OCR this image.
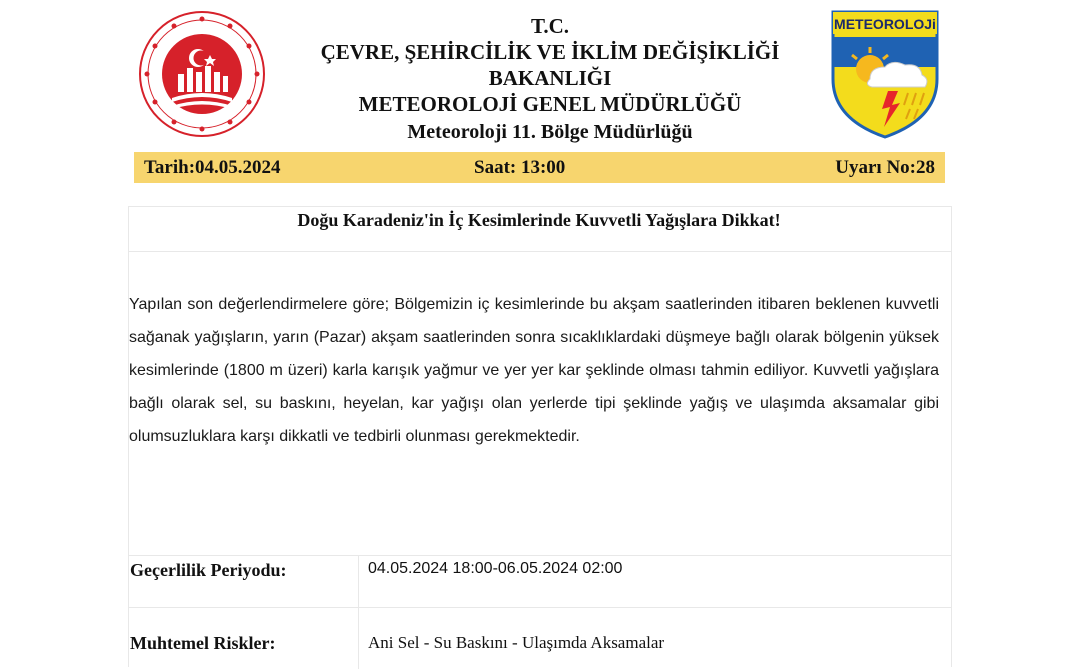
METEOROLOJi
T.C.
ÇEVRE, ŞEHİRCİLİK VE İKLİM DEĞİŞİKLİĞİ
BAKANLIĞI
METEOROLOJİ GENEL MÜDÜRLÜĞÜ
Meteoroloji 11. Bölge Müdürlüğü
Tarih:04.05.2024	Saat: 13:00	Uyarı No:28
Doğu Karadeniz'in İç Kesimlerinde Kuvvetli Yağışlara Dikkat!
Yapılan son değerlendirmelere göre; Bölgemizin iç kesimlerinde bu akşam saatlerinden itibaren beklenen kuvvetli sağanak yağışların, yarın (Pazar) akşam saatlerinden sonra sıcaklıklardaki düşmeye bağlı olarak bölgenin yüksek kesimlerinde (1800 m üzeri) karla karışık yağmur ve yer yer kar şeklinde olması tahmin ediliyor. Kuvvetli yağışlara bağlı olarak sel, su baskını, heyelan, kar yağışı olan yerlerde tipi şeklinde yağış ve ulaşımda aksamalar gibi olumsuzluklara karşı dikkatli ve tedbirli olunması gerekmektedir.
Geçerlilik Periyodu:	04.05.2024 18:00-06.05.2024 02:00
Muhtemel Riskler:	Ani Sel - Su Baskını - Ulaşımda Aksamalar
